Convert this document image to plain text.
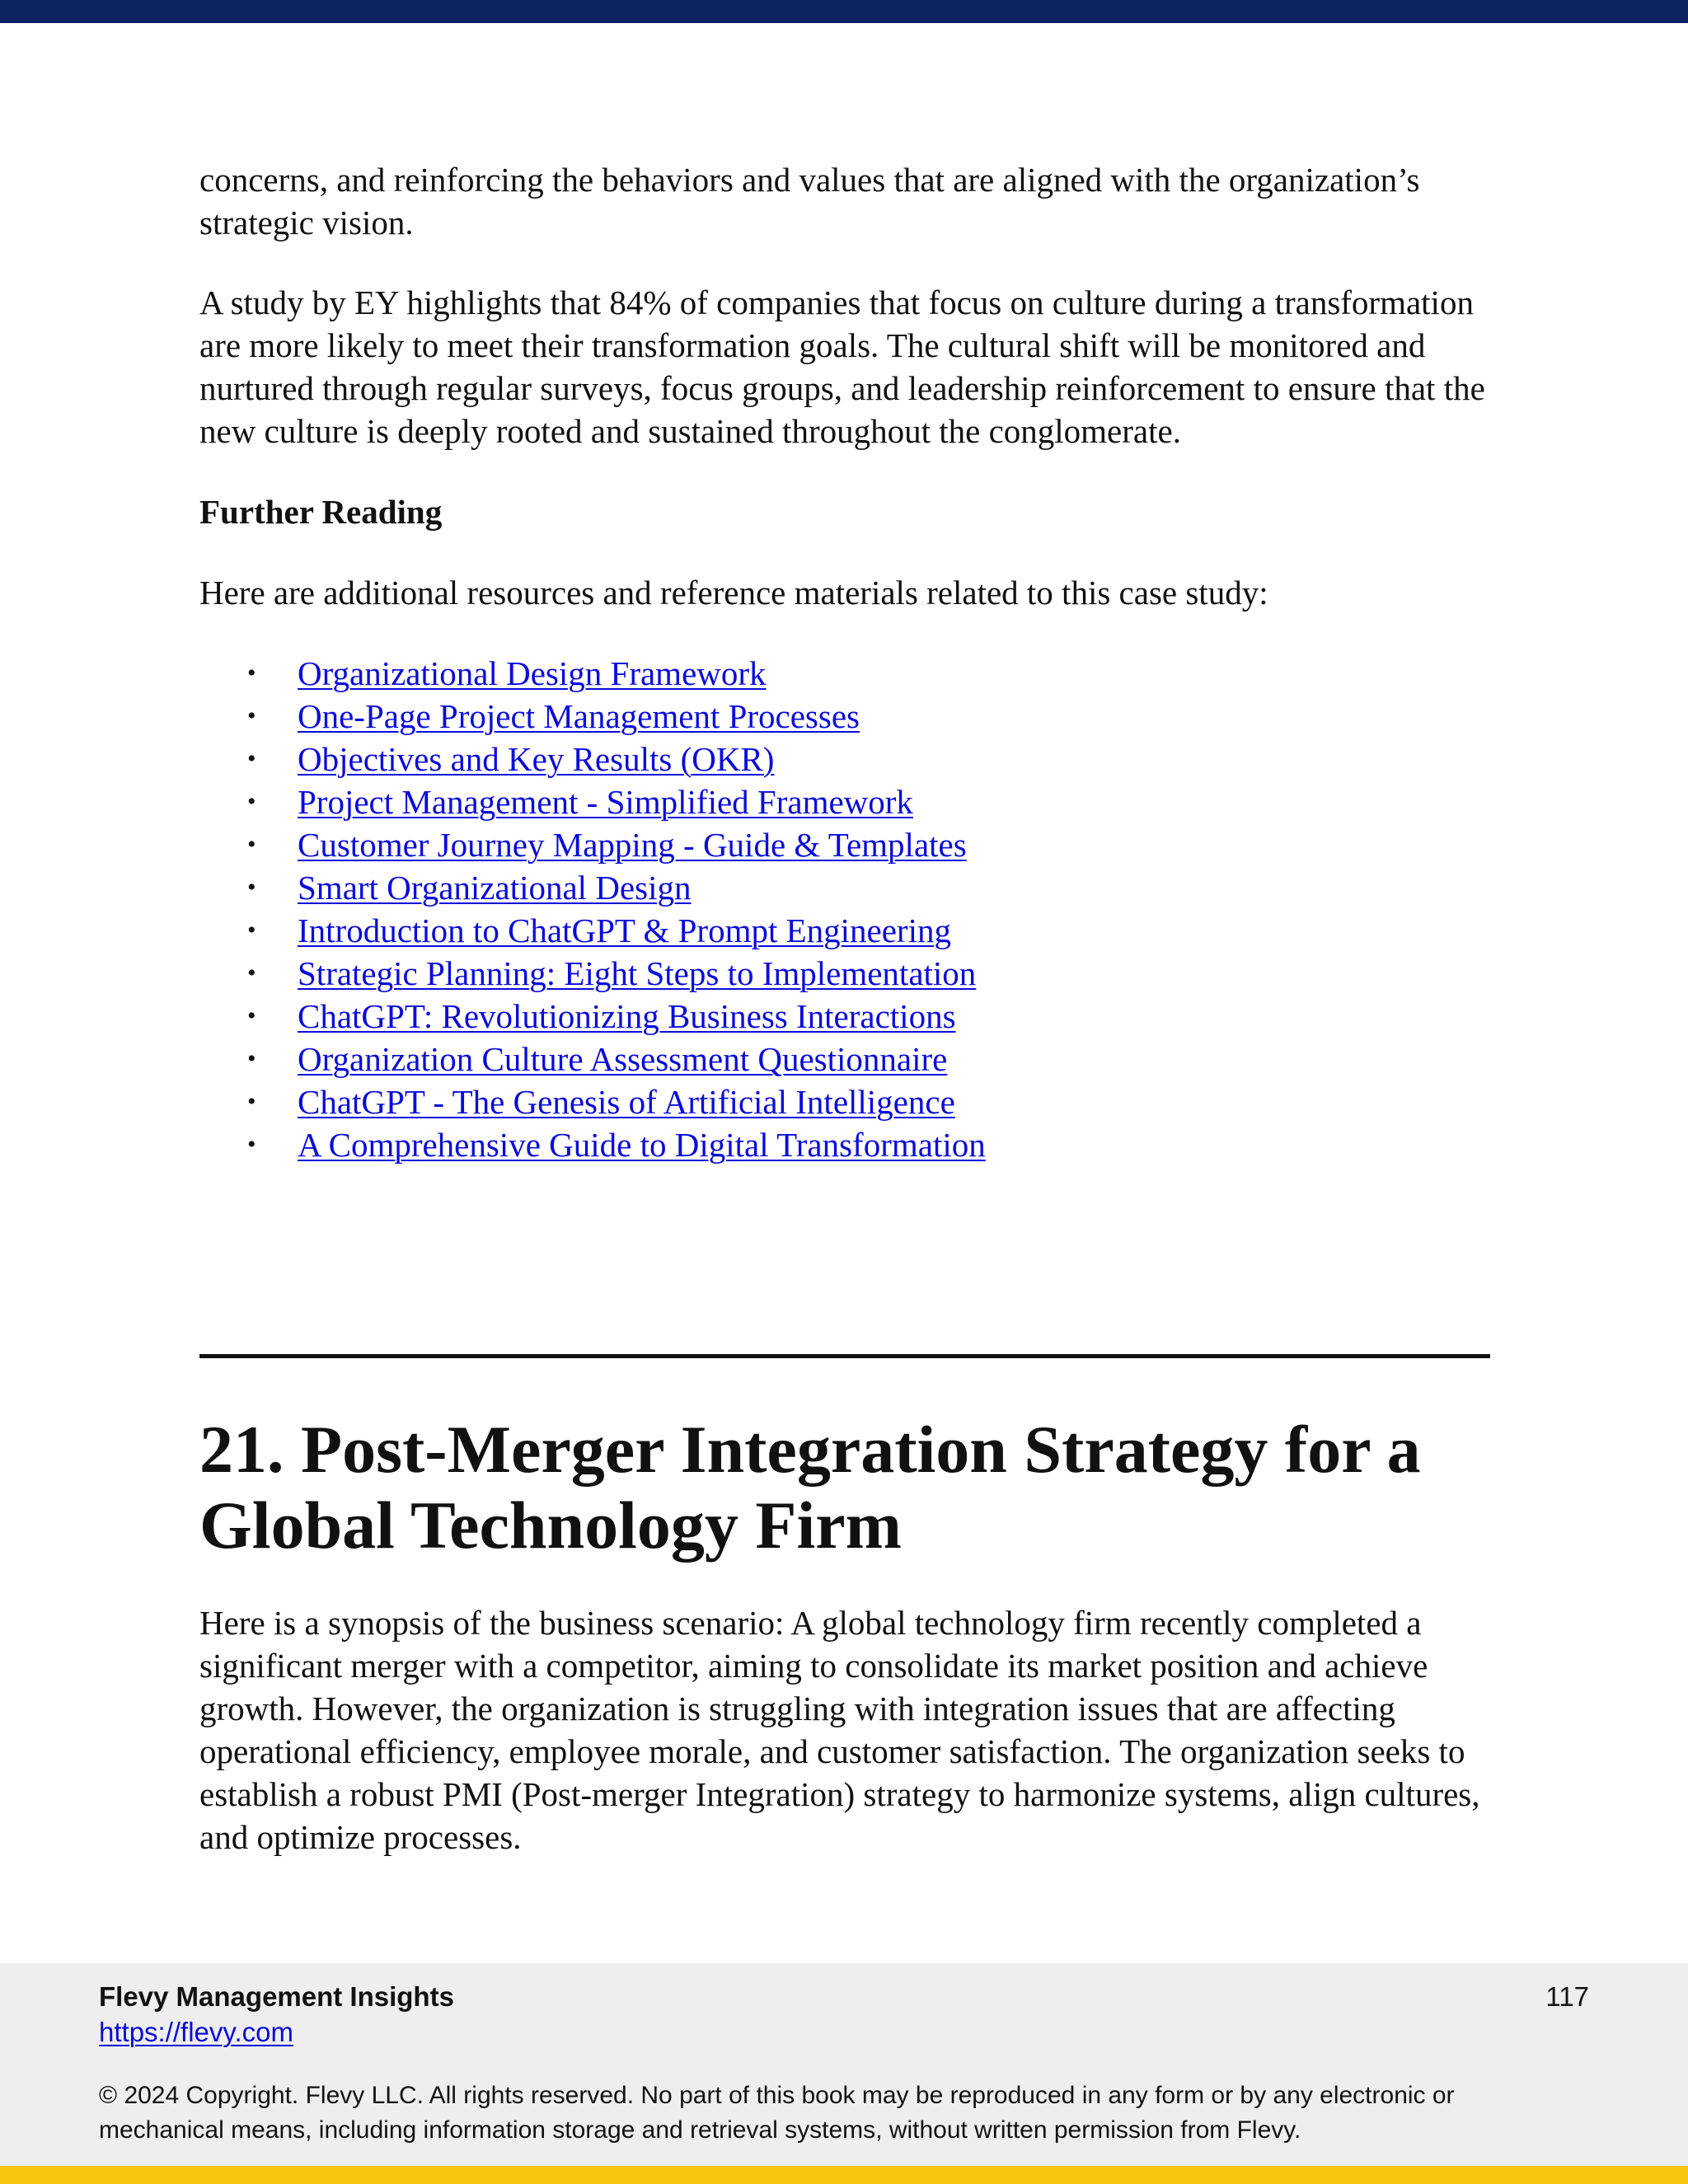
concerns, and reinforcing the behaviors and values that are aligned with the organization’s strategic vision.

A study by EY highlights that 84% of companies that focus on culture during a transformation are more likely to meet their transformation goals. The cultural shift will be monitored and nurtured through regular surveys, focus groups, and leadership reinforcement to ensure that the new culture is deeply rooted and sustained throughout the conglomerate.

Further Reading

Here are additional resources and reference materials related to this case study:

• Organizational Design Framework
• One-Page Project Management Processes
• Objectives and Key Results (OKR)
• Project Management - Simplified Framework
• Customer Journey Mapping - Guide & Templates
• Smart Organizational Design
• Introduction to ChatGPT & Prompt Engineering
• Strategic Planning: Eight Steps to Implementation
• ChatGPT: Revolutionizing Business Interactions
• Organization Culture Assessment Questionnaire
• ChatGPT - The Genesis of Artificial Intelligence
• A Comprehensive Guide to Digital Transformation
21. Post-Merger Integration Strategy for a Global Technology Firm

Here is a synopsis of the business scenario: A global technology firm recently completed a significant merger with a competitor, aiming to consolidate its market position and achieve growth. However, the organization is struggling with integration issues that are affecting operational efficiency, employee morale, and customer satisfaction. The organization seeks to establish a robust PMI (Post-merger Integration) strategy to harmonize systems, align cultures, and optimize processes.

Flevy Management Insights
https://flevy.com
117
© 2024 Copyright. Flevy LLC. All rights reserved. No part of this book may be reproduced in any form or by any electronic or mechanical means, including information storage and retrieval systems, without written permission from Flevy.
